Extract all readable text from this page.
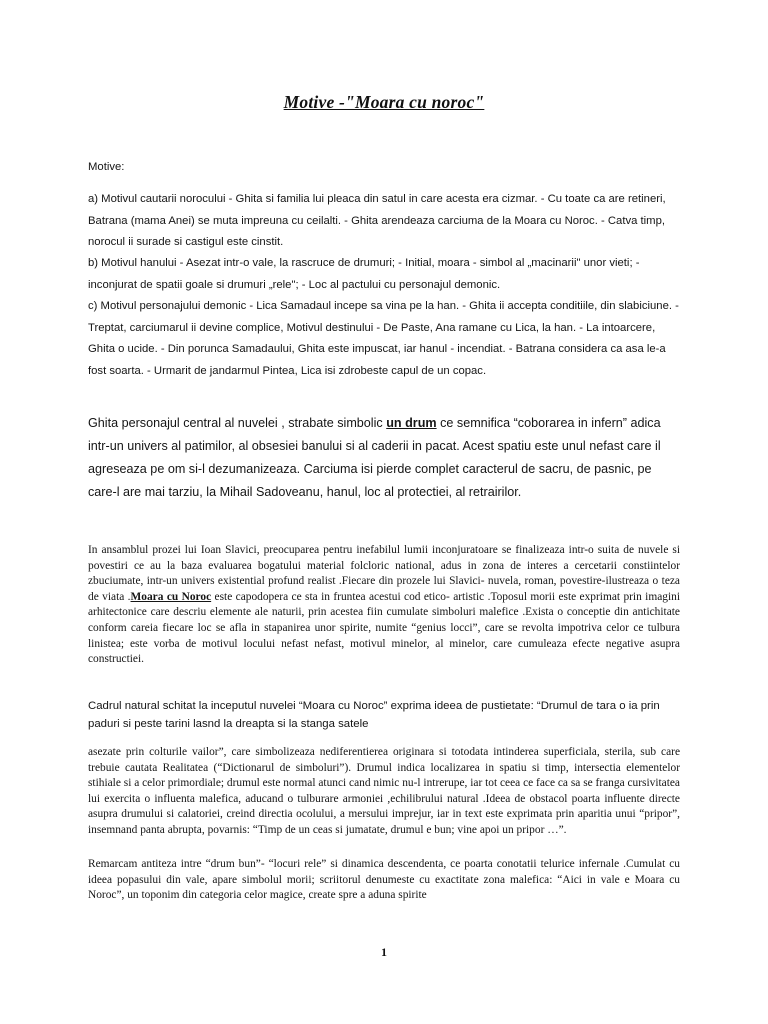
Motive -"Moara cu noroc"
Motive:
a) Motivul cautarii norocului - Ghita si familia lui pleaca din satul in care acesta era cizmar. - Cu toate ca are retineri, Batrana (mama Anei) se muta impreuna cu ceilalti. - Ghita arendeaza carciuma de la Moara cu Noroc. - Catva timp, norocul ii surade si castigul este cinstit.
b) Motivul hanului - Asezat intr-o vale, la rascruce de drumuri; - Initial, moara - simbol al „macinarii" unor vieti; - inconjurat de spatii goale si drumuri „rele"; - Loc al pactului cu personajul demonic.
c) Motivul personajului demonic - Lica Samadaul incepe sa vina pe la han. - Ghita ii accepta conditiile, din slabiciune. - Treptat, carciumarul ii devine complice, Motivul destinului - De Paste, Ana ramane cu Lica, la han. - La intoarcere, Ghita o ucide. - Din porunca Samadaului, Ghita este impuscat, iar hanul - incendiat. - Batrana considera ca asa le-a fost soarta. - Urmarit de jandarmul Pintea, Lica isi zdrobeste capul de un copac.
Ghita personajul central al nuvelei , strabate simbolic un drum ce semnifica “coborarea in infern” adica intr-un univers al patimilor, al obsesiei banului si al caderii in pacat. Acest spatiu este unul nefast care il agreseaza pe om si-l dezumanizeaza. Carciuma isi pierde complet caracterul de sacru, de pasnic, pe care-l are mai tarziu, la Mihail Sadoveanu, hanul, loc al protectiei, al retrairilor.
In ansamblul prozei lui Ioan Slavici, preocuparea pentru inefabilul lumii inconjuratoare se finalizeaza intr-o suita de nuvele si povestiri ce au la baza evaluarea bogatului material folcloric national, adus in zona de interes a cercetarii constiintelor zbuciumate, intr-un univers existential profund realist .Fiecare din prozele lui Slavici- nuvela, roman, povestire-ilustreaza o teza de viata .Moara cu Noroc este capodopera ce sta in fruntea acestui cod etico- artistic .Toposul morii este exprimat prin imagini arhitectonice care descriu elemente ale naturii, prin acestea fiin cumulate simboluri malefice .Exista o conceptie din antichitate conform careia fiecare loc se afla in stapanirea unor spirite, numite “genius locci”, care se revolta impotriva celor ce tulbura linistea; este vorba de motivul locului nefast nefast, motivul minelor, al minelor, care cumuleaza efecte negative asupra constructiei.
Cadrul natural schitat la inceputul nuvelei “Moara cu Noroc” exprima ideea de pustietate: “Drumul de tara o ia prin paduri si peste tarini lasnd la dreapta si la stanga satele
asezate prin colturile vailor”, care simbolizeaza nediferentierea originara si totodata intinderea superficiala, sterila, sub care trebuie cautata Realitatea (“Dictionarul de simboluri”). Drumul indica localizarea in spatiu si timp, intersectia elementelor stihiale si a celor primordiale; drumul este normal atunci cand nimic nu-l intrerupe, iar tot ceea ce face ca sa se franga cursivitatea lui exercita o influenta malefica, aducand o tulburare armoniei ,echilibrului natural .Ideea de obstacol poarta influente directe asupra drumului si calatoriei, creind directia ocolului, a mersului imprejur, iar in text este exprimata prin aparitia unui “pripor”, insemnand panta abrupta, povarnis: “Timp de un ceas si jumatate, drumul e bun; vine apoi un pripor …”.
Remarcam antiteza intre “drum bun”- “locuri rele” si dinamica descendenta, ce poarta conotatii telurice infernale .Cumulat cu ideea popasului din vale, apare simbolul morii; scriitorul denumeste cu exactitate zona malefica: “Aici in vale e Moara cu Noroc”, un toponim din categoria celor magice, create spre a aduna spirite
1
